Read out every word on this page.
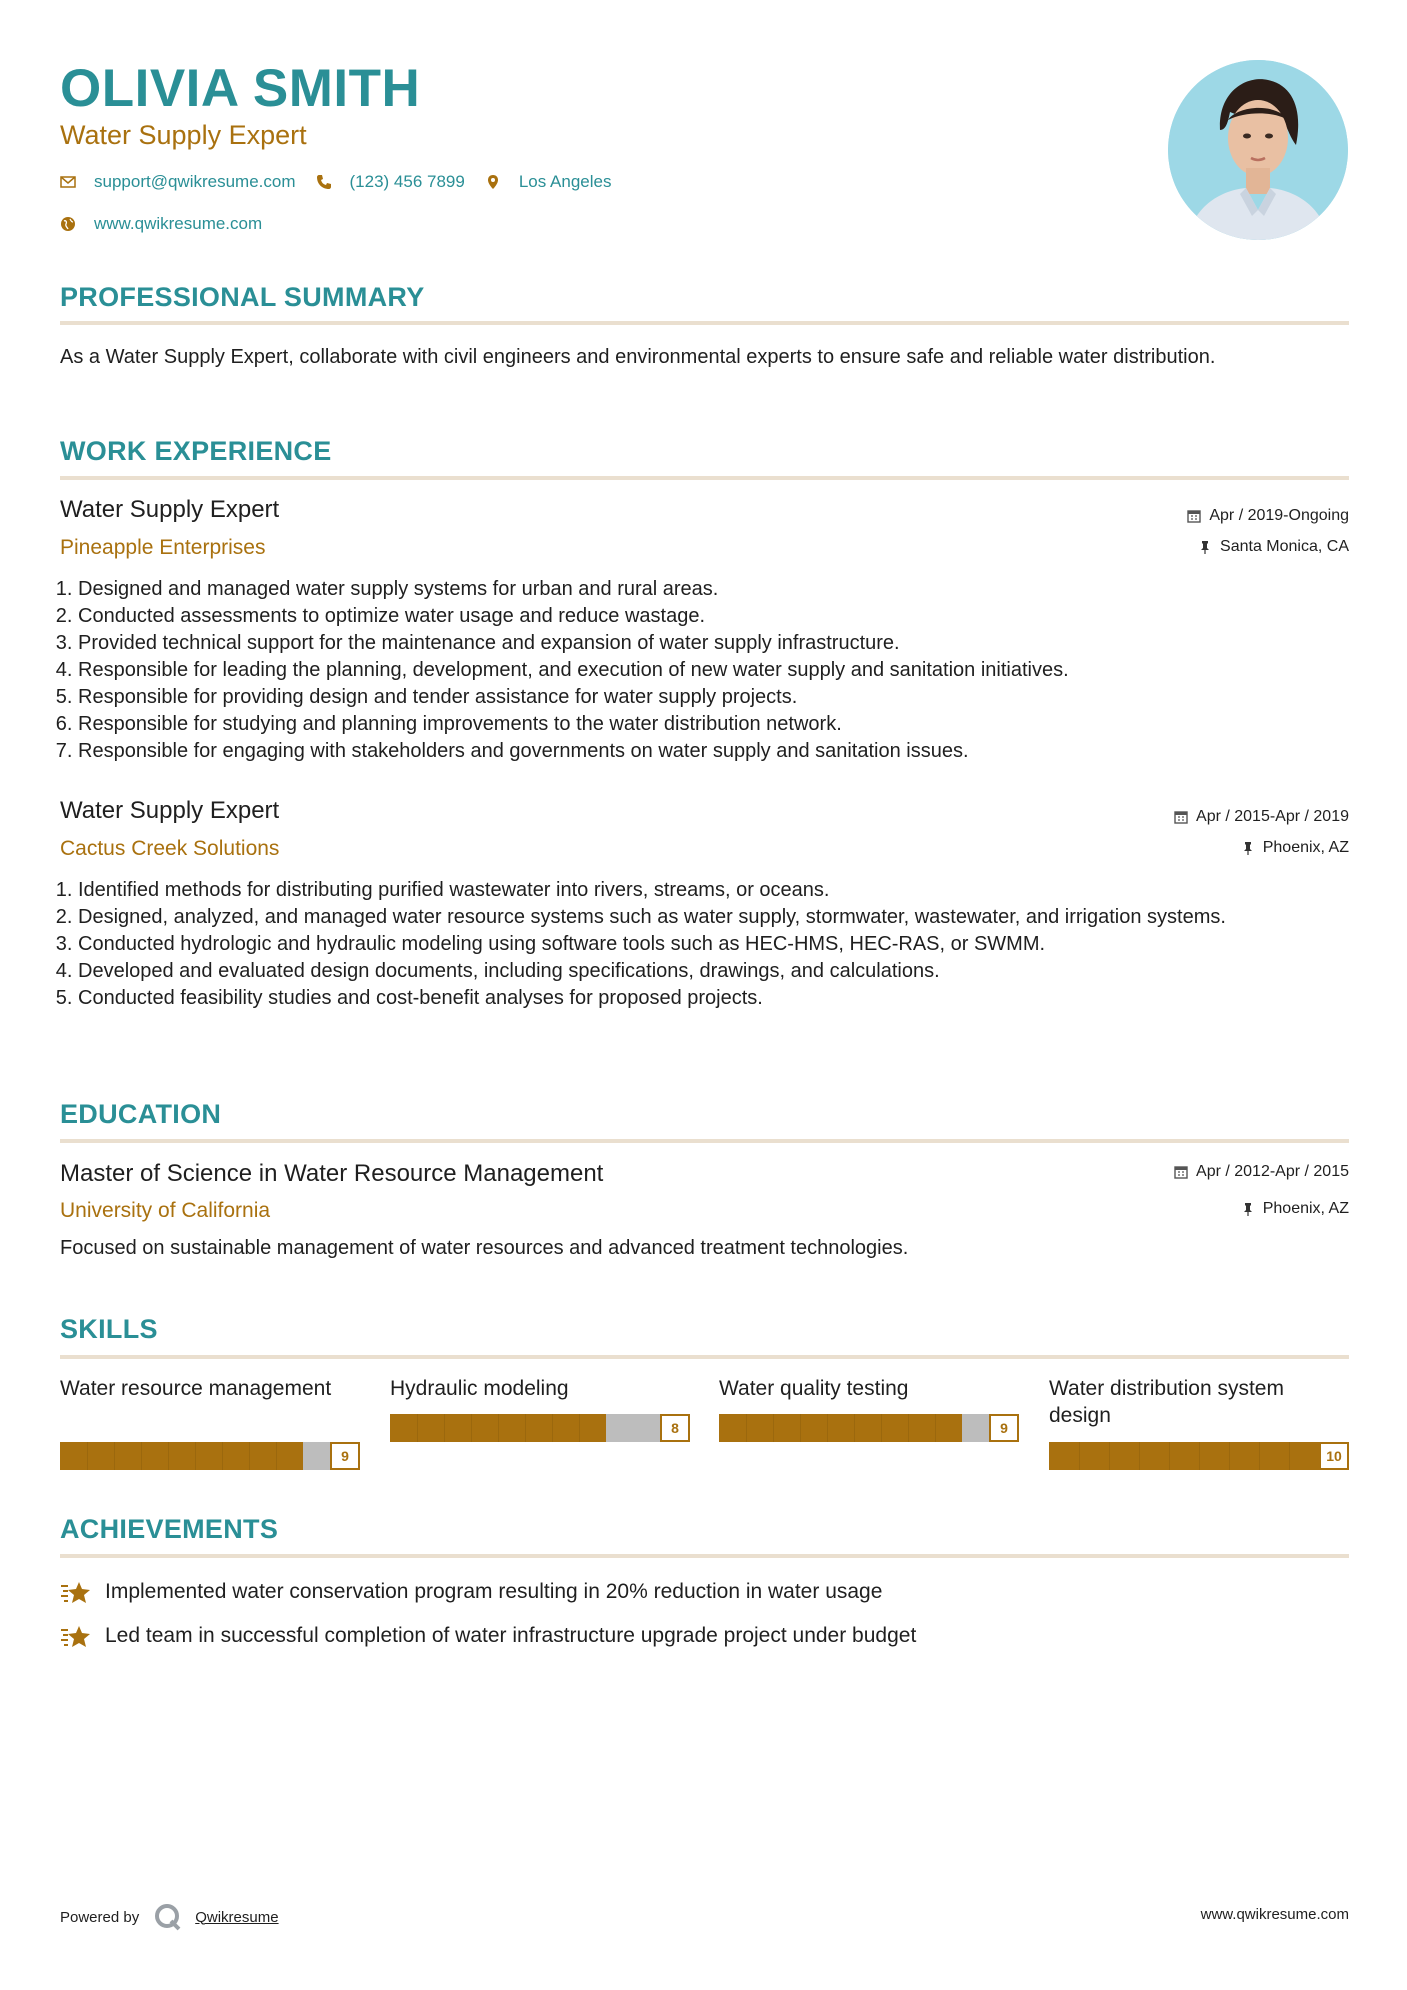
OLIVIA SMITH
Water Supply Expert
support@qwikresume.com	(123) 456 7899	Los Angeles
www.qwikresume.com
PROFESSIONAL SUMMARY
As a Water Supply Expert, collaborate with civil engineers and environmental experts to ensure safe and reliable water distribution.
WORK EXPERIENCE
Water Supply Expert	Apr / 2019-Ongoing
Pineapple Enterprises	Santa Monica, CA
1. Designed and managed water supply systems for urban and rural areas.
2. Conducted assessments to optimize water usage and reduce wastage.
3. Provided technical support for the maintenance and expansion of water supply infrastructure.
4. Responsible for leading the planning, development, and execution of new water supply and sanitation initiatives.
5. Responsible for providing design and tender assistance for water supply projects.
6. Responsible for studying and planning improvements to the water distribution network.
7. Responsible for engaging with stakeholders and governments on water supply and sanitation issues.
Water Supply Expert	Apr / 2015-Apr / 2019
Cactus Creek Solutions	Phoenix, AZ
1. Identified methods for distributing purified wastewater into rivers, streams, or oceans.
2. Designed, analyzed, and managed water resource systems such as water supply, stormwater, wastewater, and irrigation systems.
3. Conducted hydrologic and hydraulic modeling using software tools such as HEC-HMS, HEC-RAS, or SWMM.
4. Developed and evaluated design documents, including specifications, drawings, and calculations.
5. Conducted feasibility studies and cost-benefit analyses for proposed projects.
EDUCATION
Master of Science in Water Resource Management	Apr / 2012-Apr / 2015
University of California	Phoenix, AZ
Focused on sustainable management of water resources and advanced treatment technologies.
SKILLS
Water resource management
9
Hydraulic modeling
8
Water quality testing
9
Water distribution system design
10
ACHIEVEMENTS
Implemented water conservation program resulting in 20% reduction in water usage
Led team in successful completion of water infrastructure upgrade project under budget
Powered by	Qwikresume	www.qwikresume.com
